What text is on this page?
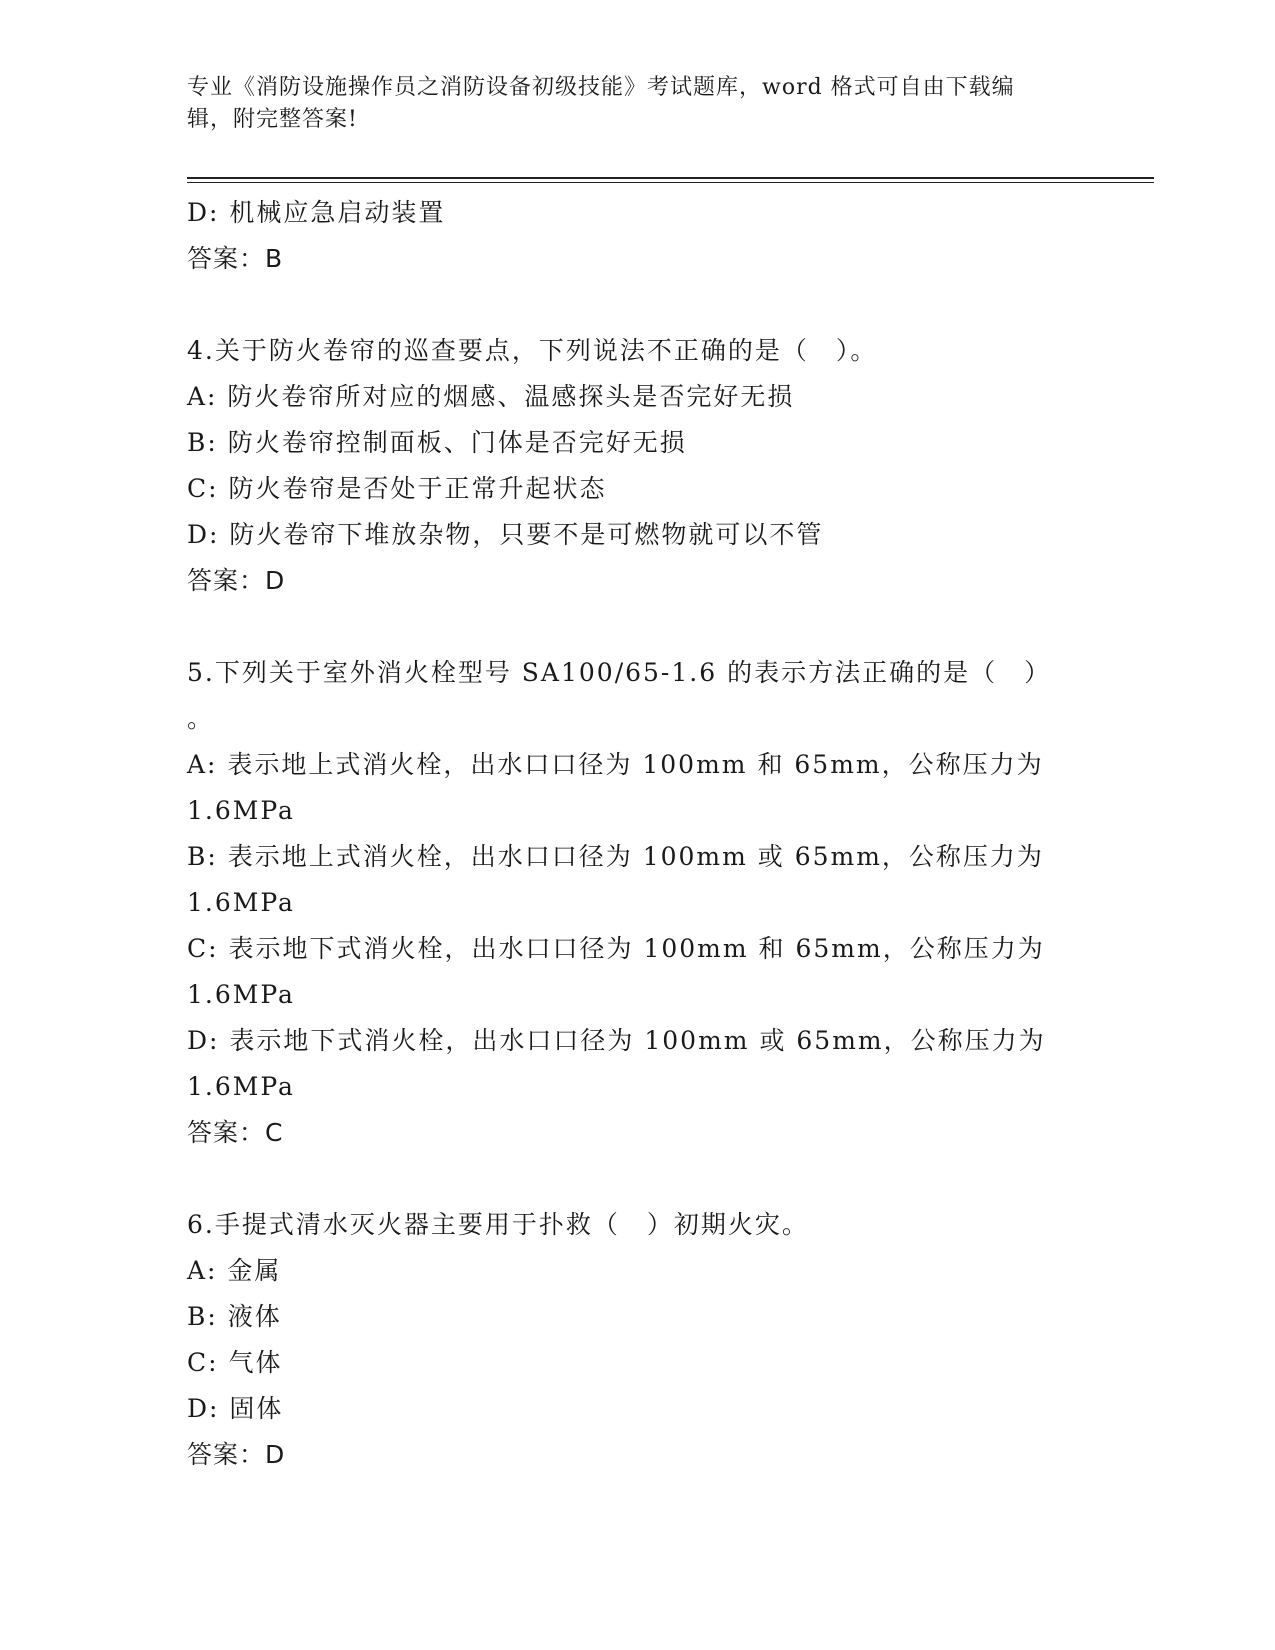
专业《消防设施操作员之消防设备初级技能》考试题库，word 格式可自由下载编
辑，附完整答案!
D: 机械应急启动装置
答案：B
4.关于防火卷帘的巡查要点，下列说法不正确的是（　）。
A: 防火卷帘所对应的烟感、温感探头是否完好无损
B: 防火卷帘控制面板、门体是否完好无损
C: 防火卷帘是否处于正常升起状态
D: 防火卷帘下堆放杂物，只要不是可燃物就可以不管
答案：D
5.下列关于室外消火栓型号 SA100/65-1.6 的表示方法正确的是（　）
。
A: 表示地上式消火栓，出水口口径为 100mm 和 65mm，公称压力为
1.6MPa
B: 表示地上式消火栓，出水口口径为 100mm 或 65mm，公称压力为
1.6MPa
C: 表示地下式消火栓，出水口口径为 100mm 和 65mm，公称压力为
1.6MPa
D: 表示地下式消火栓，出水口口径为 100mm 或 65mm，公称压力为
1.6MPa
答案：C
6.手提式清水灭火器主要用于扑救（　）初期火灾。
A: 金属
B: 液体
C: 气体
D: 固体
答案：D
